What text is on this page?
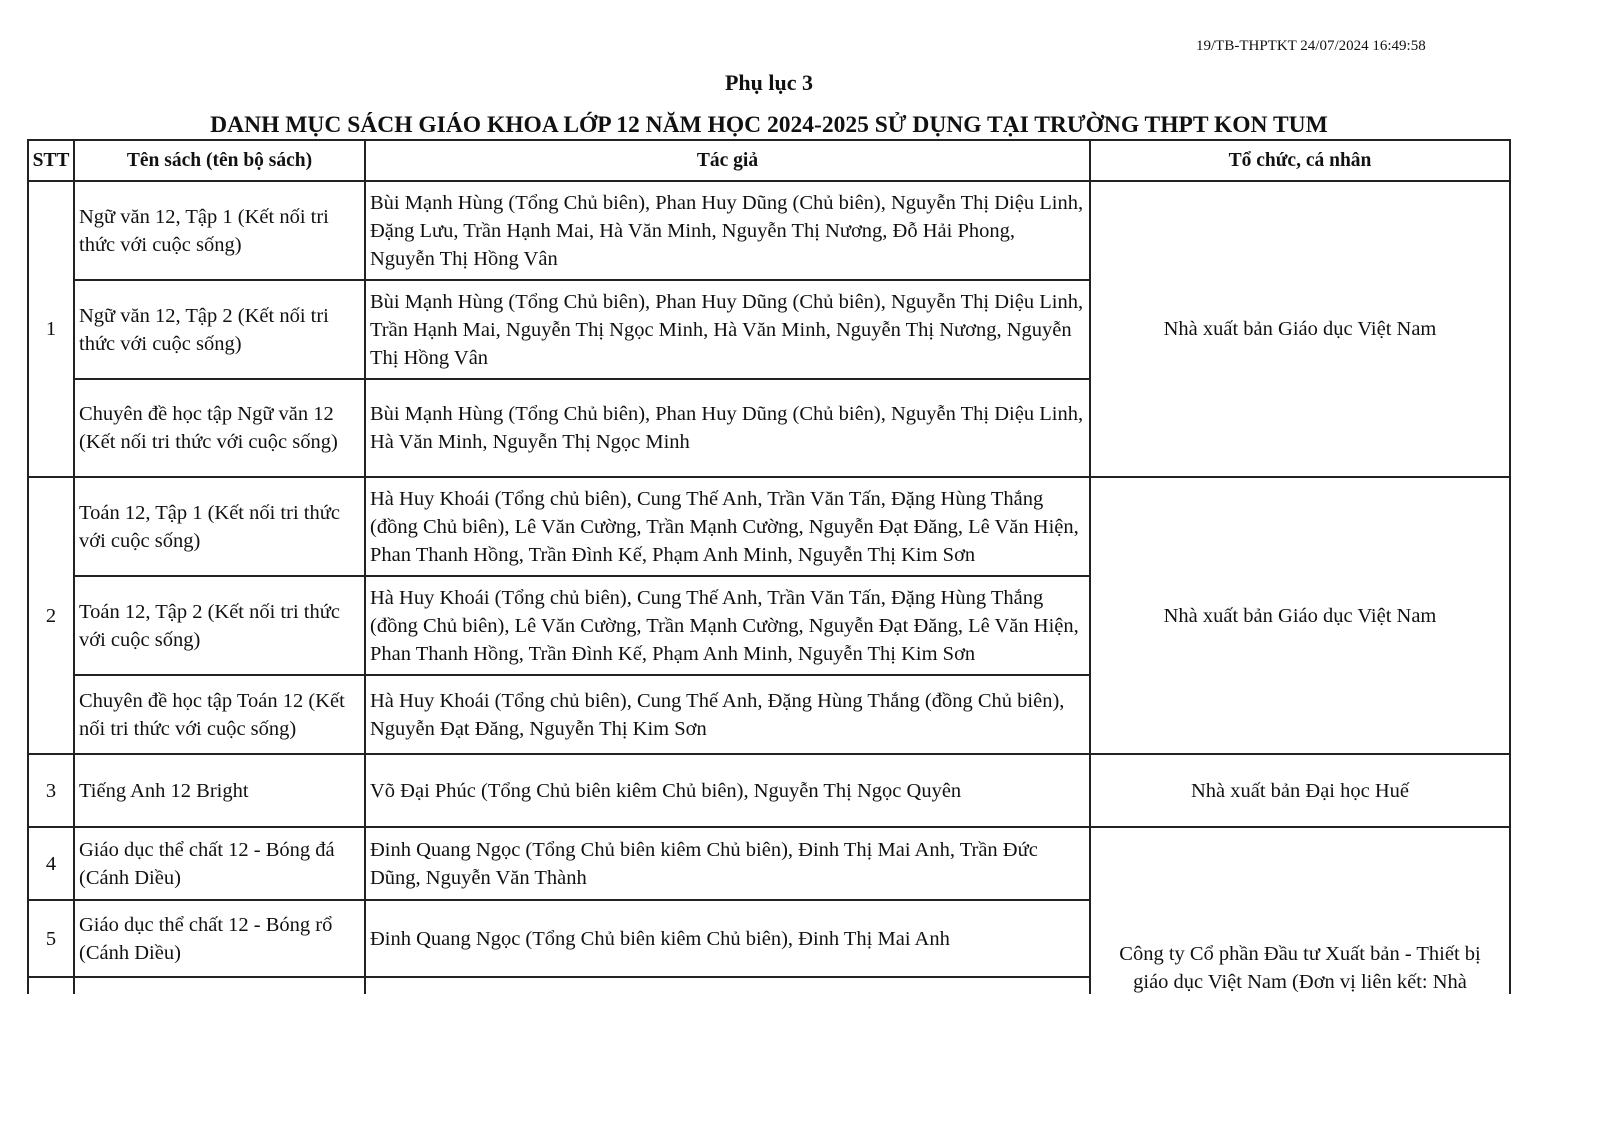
19/TB-THPTKT 24/07/2024 16:49:58
Phụ lục 3
DANH MỤC SÁCH GIÁO KHOA LỚP 12 NĂM HỌC 2024-2025 SỬ DỤNG TẠI TRƯỜNG THPT KON TUM
STT	Tên sách (tên bộ sách)	Tác giả	Tổ chức, cá nhân
1	Ngữ văn 12, Tập 1 (Kết nối tri thức với cuộc sống)	Bùi Mạnh Hùng (Tổng Chủ biên), Phan Huy Dũng (Chủ biên), Nguyễn Thị Diệu Linh, Đặng Lưu, Trần Hạnh Mai, Hà Văn Minh, Nguyễn Thị Nương, Đỗ Hải Phong, Nguyễn Thị Hồng Vân	Nhà xuất bản Giáo dục Việt Nam
	Ngữ văn 12, Tập 2 (Kết nối tri thức với cuộc sống)	Bùi Mạnh Hùng (Tổng Chủ biên), Phan Huy Dũng (Chủ biên), Nguyễn Thị Diệu Linh, Trần Hạnh Mai, Nguyễn Thị Ngọc Minh, Hà Văn Minh, Nguyễn Thị Nương, Nguyễn Thị Hồng Vân	
	Chuyên đề học tập Ngữ văn 12 (Kết nối tri thức với cuộc sống)	Bùi Mạnh Hùng (Tổng Chủ biên), Phan Huy Dũng (Chủ biên), Nguyễn Thị Diệu Linh, Hà Văn Minh, Nguyễn Thị Ngọc Minh	
2	Toán 12, Tập 1 (Kết nối tri thức với cuộc sống)	Hà Huy Khoái (Tổng chủ biên), Cung Thế Anh, Trần Văn Tấn, Đặng Hùng Thắng (đồng Chủ biên), Lê Văn Cường, Trần Mạnh Cường, Nguyễn Đạt Đăng, Lê Văn Hiện, Phan Thanh Hồng, Trần Đình Kế, Phạm Anh Minh, Nguyễn Thị Kim Sơn	Nhà xuất bản Giáo dục Việt Nam
	Toán 12, Tập 2 (Kết nối tri thức với cuộc sống)	Hà Huy Khoái (Tổng chủ biên), Cung Thế Anh, Trần Văn Tấn, Đặng Hùng Thắng (đồng Chủ biên), Lê Văn Cường, Trần Mạnh Cường, Nguyễn Đạt Đăng, Lê Văn Hiện, Phan Thanh Hồng, Trần Đình Kế, Phạm Anh Minh, Nguyễn Thị Kim Sơn	
	Chuyên đề học tập Toán 12 (Kết nối tri thức với cuộc sống)	Hà Huy Khoái (Tổng chủ biên), Cung Thế Anh, Đặng Hùng Thắng (đồng Chủ biên), Nguyễn Đạt Đăng, Nguyễn Thị Kim Sơn	
3	Tiếng Anh 12 Bright	Võ Đại Phúc (Tổng Chủ biên kiêm Chủ biên), Nguyễn Thị Ngọc Quyên	Nhà xuất bản Đại học Huế
4	Giáo dục thể chất 12 - Bóng đá (Cánh Diều)	Đinh Quang Ngọc (Tổng Chủ biên kiêm Chủ biên), Đinh Thị Mai Anh, Trần Đức Dũng, Nguyễn Văn Thành	Công ty Cổ phần Đầu tư Xuất bản - Thiết bị giáo dục Việt Nam (Đơn vị liên kết: Nhà
5	Giáo dục thể chất 12 - Bóng rổ (Cánh Diều)	Đinh Quang Ngọc (Tổng Chủ biên kiêm Chủ biên), Đinh Thị Mai Anh	
